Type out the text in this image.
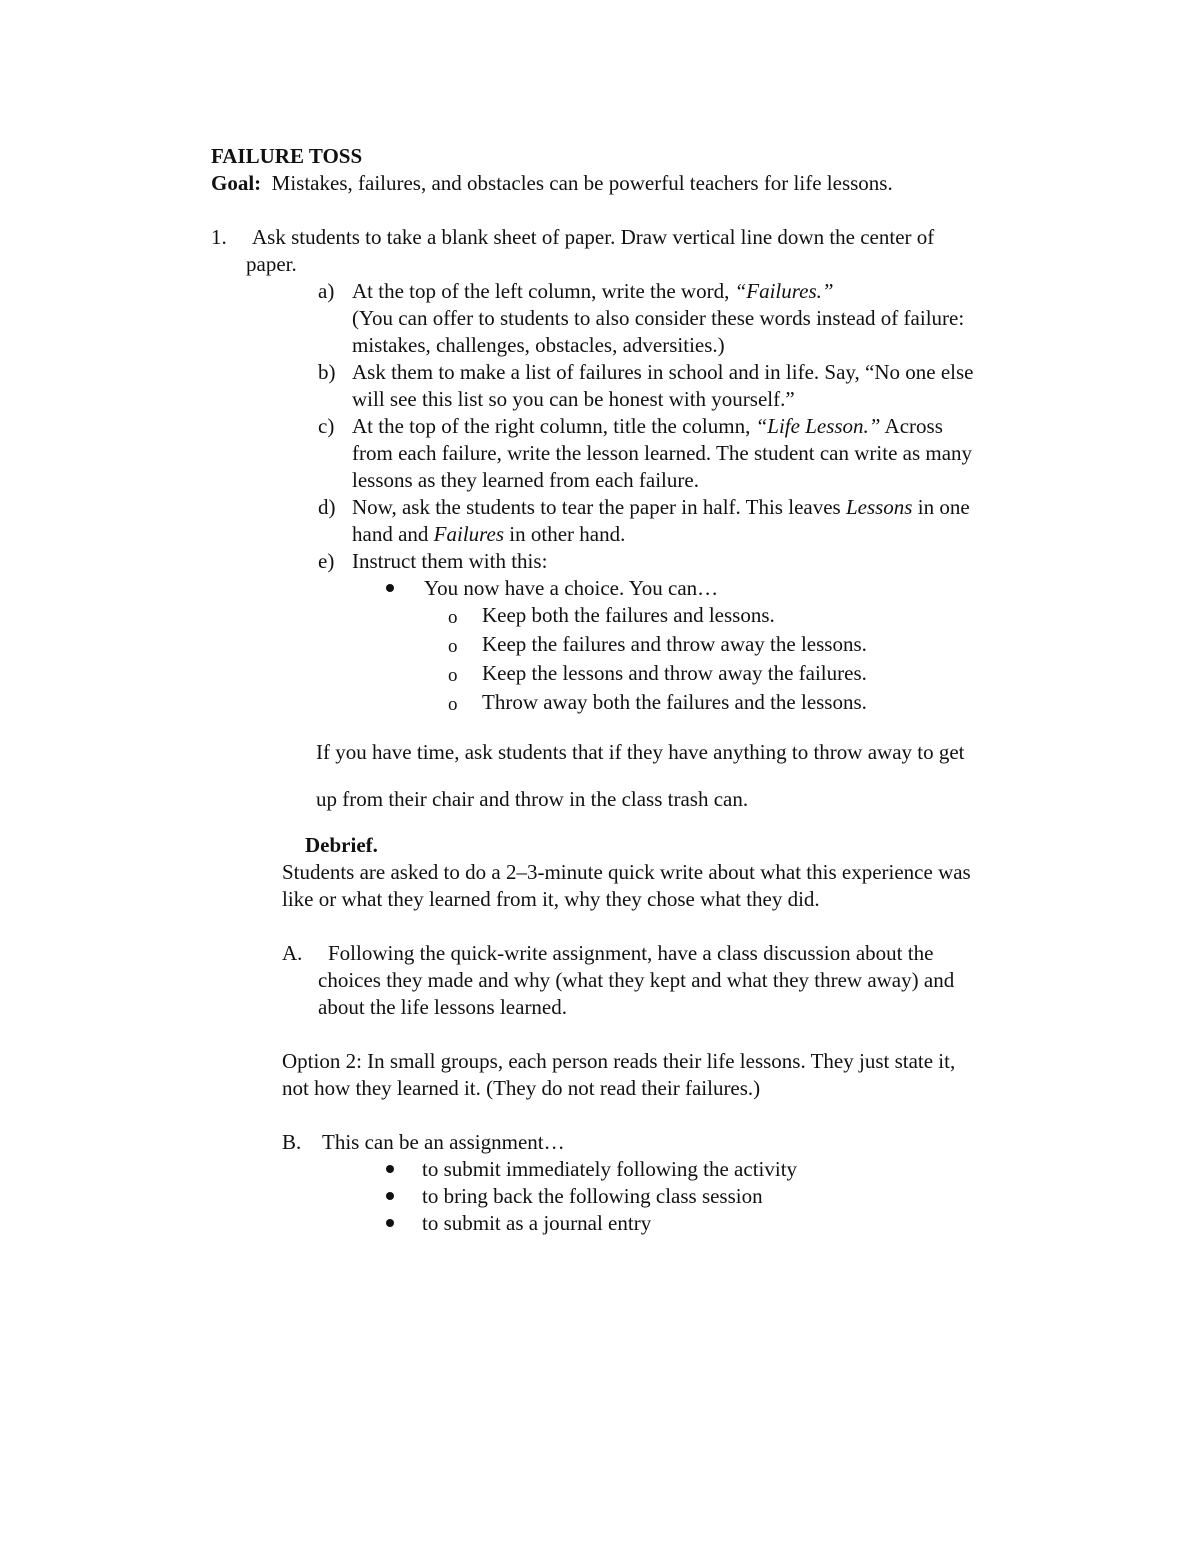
FAILURE TOSS
Goal: Mistakes, failures, and obstacles can be powerful teachers for life lessons.
1. Ask students to take a blank sheet of paper. Draw vertical line down the center of
paper.
a) At the top of the left column, write the word, “Failures.”
(You can offer to students to also consider these words instead of failure:
mistakes, challenges, obstacles, adversities.)
b) Ask them to make a list of failures in school and in life. Say, “No one else
will see this list so you can be honest with yourself.”
c) At the top of the right column, title the column, “Life Lesson.” Across
from each failure, write the lesson learned. The student can write as many
lessons as they learned from each failure.
d) Now, ask the students to tear the paper in half. This leaves Lessons in one
hand and Failures in other hand.
e) Instruct them with this:
You now have a choice. You can…
o Keep both the failures and lessons.
o Keep the failures and throw away the lessons.
o Keep the lessons and throw away the failures.
o Throw away both the failures and the lessons.
If you have time, ask students that if they have anything to throw away to get
up from their chair and throw in the class trash can.
Debrief.
Students are asked to do a 2–3-minute quick write about what this experience was
like or what they learned from it, why they chose what they did.
A. Following the quick-write assignment, have a class discussion about the
choices they made and why (what they kept and what they threw away) and
about the life lessons learned.
Option 2: In small groups, each person reads their life lessons. They just state it,
not how they learned it. (They do not read their failures.)
B. This can be an assignment…
to submit immediately following the activity
to bring back the following class session
to submit as a journal entry
